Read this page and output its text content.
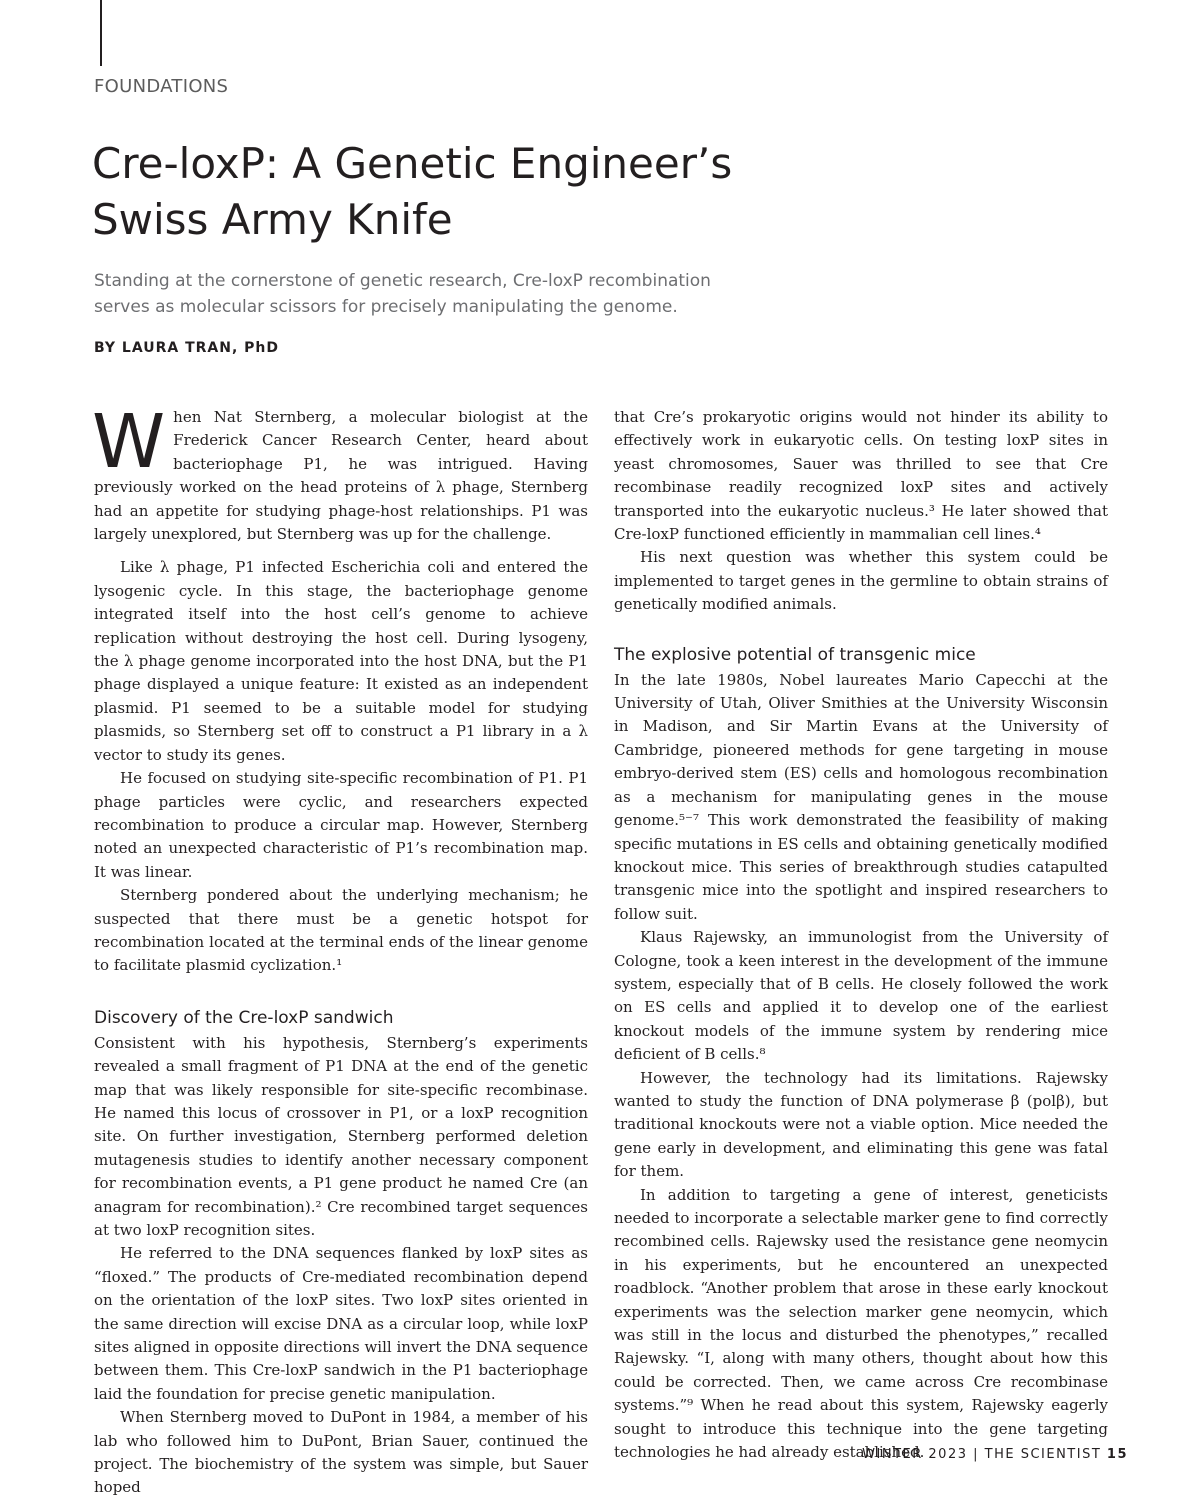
FOUNDATIONS
Cre-loxP: A Genetic Engineer’s
Swiss Army Knife

Standing at the cornerstone of genetic research, Cre-loxP recombination
serves as molecular scissors for precisely manipulating the genome.

BY LAURA TRAN, PhD

When Nat Sternberg, a molecular biologist at the Frederick Cancer Research Center, heard about bacteriophage P1, he was intrigued. Having previously worked on the head proteins of λ phage, Sternberg had an appetite for studying phage-host relationships. P1 was largely unexplored, but Sternberg was up for the challenge.

Like λ phage, P1 infected Escherichia coli and entered the lysogenic cycle. In this stage, the bacteriophage genome integrated itself into the host cell’s genome to achieve replication without destroying the host cell. During lysogeny, the λ phage genome incorporated into the host DNA, but the P1 phage displayed a unique feature: It existed as an independent plasmid. P1 seemed to be a suitable model for studying plasmids, so Sternberg set off to construct a P1 library in a λ vector to study its genes.

He focused on studying site-specific recombination of P1. P1 phage particles were cyclic, and researchers expected recombination to produce a circular map. However, Sternberg noted an unexpected characteristic of P1’s recombination map. It was linear.

Sternberg pondered about the underlying mechanism; he suspected that there must be a genetic hotspot for recombination located at the terminal ends of the linear genome to facilitate plasmid cyclization.¹

Discovery of the Cre-loxP sandwich

Consistent with his hypothesis, Sternberg’s experiments revealed a small fragment of P1 DNA at the end of the genetic map that was likely responsible for site-specific recombinase. He named this locus of crossover in P1, or a loxP recognition site. On further investigation, Sternberg performed deletion mutagenesis studies to identify another necessary component for recombination events, a P1 gene product he named Cre (an anagram for recombination).² Cre recombined target sequences at two loxP recognition sites.

He referred to the DNA sequences flanked by loxP sites as “floxed.” The products of Cre-mediated recombination depend on the orientation of the loxP sites. Two loxP sites oriented in the same direction will excise DNA as a circular loop, while loxP sites aligned in opposite directions will invert the DNA sequence between them. This Cre-loxP sandwich in the P1 bacteriophage laid the foundation for precise genetic manipulation.

When Sternberg moved to DuPont in 1984, a member of his lab who followed him to DuPont, Brian Sauer, continued the project. The biochemistry of the system was simple, but Sauer hoped

that Cre’s prokaryotic origins would not hinder its ability to effectively work in eukaryotic cells. On testing loxP sites in yeast chromosomes, Sauer was thrilled to see that Cre recombinase readily recognized loxP sites and actively transported into the eukaryotic nucleus.³ He later showed that Cre-loxP functioned efficiently in mammalian cell lines.⁴

His next question was whether this system could be implemented to target genes in the germline to obtain strains of genetically modified animals.

The explosive potential of transgenic mice

In the late 1980s, Nobel laureates Mario Capecchi at the University of Utah, Oliver Smithies at the University Wisconsin in Madison, and Sir Martin Evans at the University of Cambridge, pioneered methods for gene targeting in mouse embryo-derived stem (ES) cells and homologous recombination as a mechanism for manipulating genes in the mouse genome.⁵⁻⁷ This work demonstrated the feasibility of making specific mutations in ES cells and obtaining genetically modified knockout mice. This series of breakthrough studies catapulted transgenic mice into the spotlight and inspired researchers to follow suit.

Klaus Rajewsky, an immunologist from the University of Cologne, took a keen interest in the development of the immune system, especially that of B cells. He closely followed the work on ES cells and applied it to develop one of the earliest knockout models of the immune system by rendering mice deficient of B cells.⁸

However, the technology had its limitations. Rajewsky wanted to study the function of DNA polymerase β (polβ), but traditional knockouts were not a viable option. Mice needed the gene early in development, and eliminating this gene was fatal for them.

In addition to targeting a gene of interest, geneticists needed to incorporate a selectable marker gene to find correctly recombined cells. Rajewsky used the resistance gene neomycin in his experiments, but he encountered an unexpected roadblock. “Another problem that arose in these early knockout experiments was the selection marker gene neomycin, which was still in the locus and disturbed the phenotypes,” recalled Rajewsky. “I, along with many others, thought about how this could be corrected. Then, we came across Cre recombinase systems.”⁹ When he read about this system, Rajewsky eagerly sought to introduce this technique into the gene targeting technologies he had already established.

WINTER 2023 | THE SCIENTIST 15
